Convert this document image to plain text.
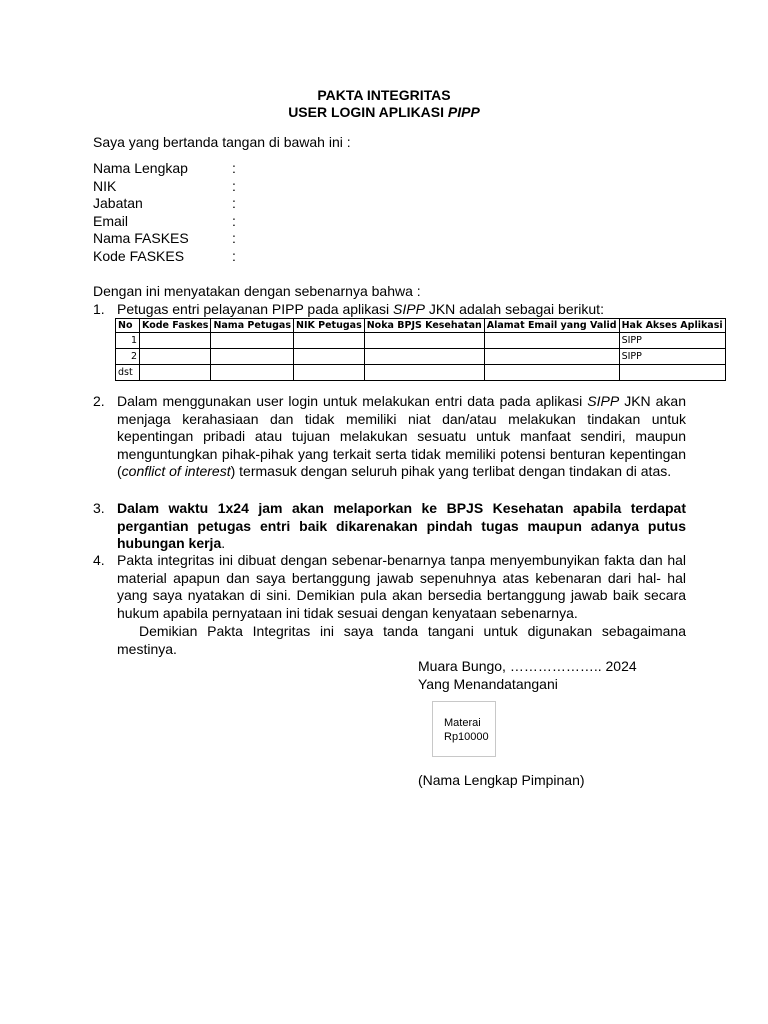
PAKTA INTEGRITAS
USER LOGIN APLIKASI PIPP
Saya yang bertanda tangan di bawah ini :
Nama Lengkap	:
NIK	:
Jabatan	:
Email	:
Nama FASKES	:
Kode FASKES	:
Dengan ini menyatakan dengan sebenarnya bahwa :
1. Petugas entri pelayanan PIPP pada aplikasi SIPP JKN adalah sebagai berikut:
No	Kode Faskes	Nama Petugas	NIK Petugas	Noka BPJS Kesehatan	Alamat Email yang Valid	Hak Akses Aplikasi
1						SIPP
2						SIPP
dst						
2. Dalam menggunakan user login untuk melakukan entri data pada aplikasi SIPP JKN akan menjaga kerahasiaan dan tidak memiliki niat dan/atau melakukan tindakan untuk kepentingan pribadi atau tujuan melakukan sesuatu untuk manfaat sendiri, maupun menguntungkan pihak-pihak yang terkait serta tidak memiliki potensi benturan kepentingan (conflict of interest) termasuk dengan seluruh pihak yang terlibat dengan tindakan di atas.
3. Dalam waktu 1x24 jam akan melaporkan ke BPJS Kesehatan apabila terdapat pergantian petugas entri baik dikarenakan pindah tugas maupun adanya putus hubungan kerja.
4. Pakta integritas ini dibuat dengan sebenar-benarnya tanpa menyembunyikan fakta dan hal material apapun dan saya bertanggung jawab sepenuhnya atas kebenaran dari hal- hal yang saya nyatakan di sini. Demikian pula akan bersedia bertanggung jawab baik secara hukum apabila pernyataan ini tidak sesuai dengan kenyataan sebenarnya.
Demikian Pakta Integritas ini saya tanda tangani untuk digunakan sebagaimana mestinya.
Muara Bungo, ……………….. 2024
Yang Menandatangani
Materai
Rp10000
(Nama Lengkap Pimpinan)
